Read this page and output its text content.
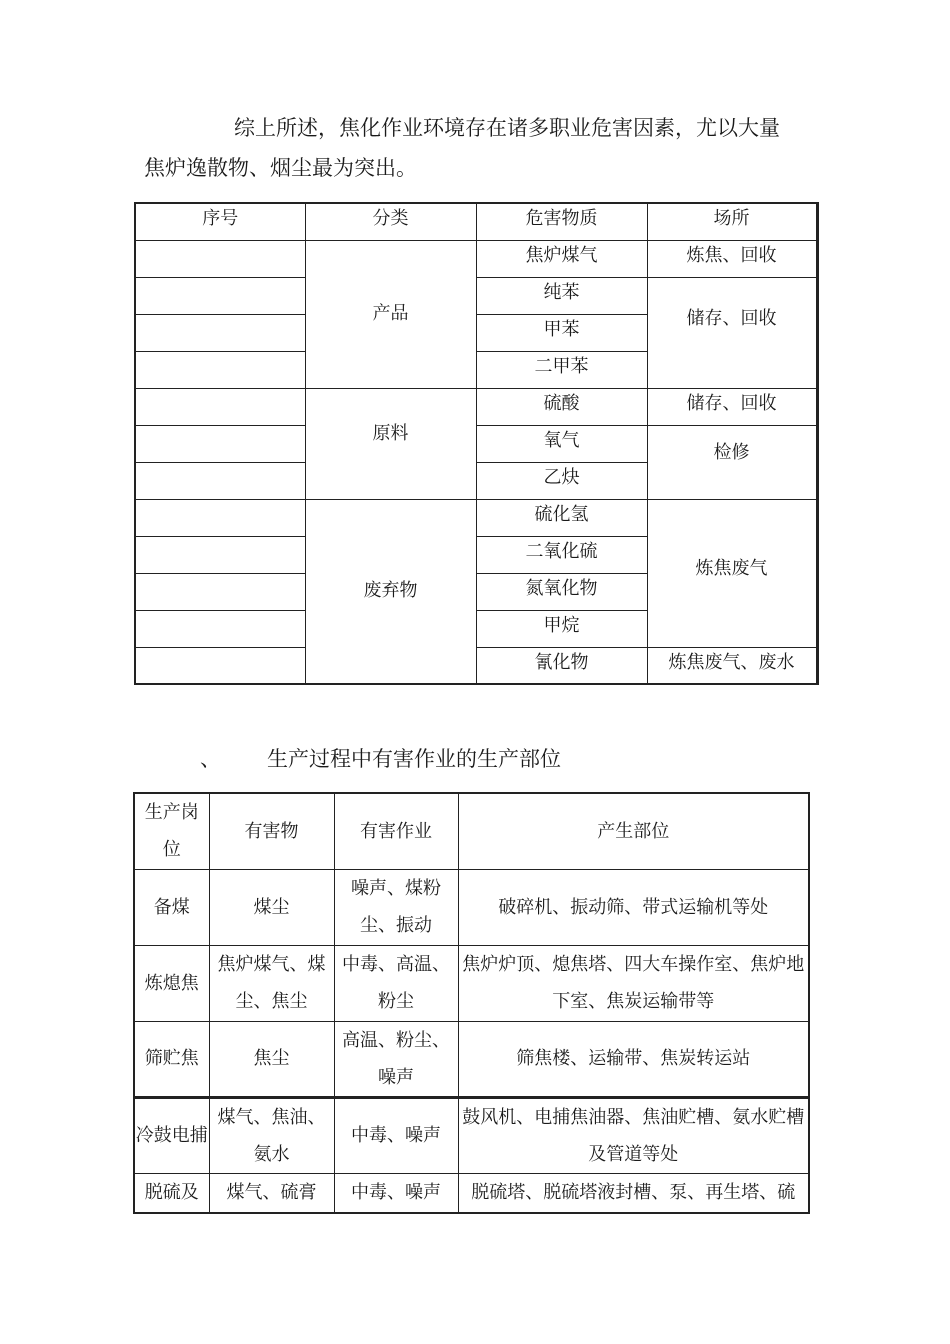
综上所述，焦化作业环境存在诸多职业危害因素，尤以大量
焦炉逸散物、烟尘最为突出。

序号	分类	危害物质	场所
	产品	焦炉煤气	炼焦、回收
		纯苯	储存、回收
		甲苯	
		二甲苯	
	原料	硫酸	储存、回收
		氧气	检修
		乙炔	
	废弃物	硫化氢	炼焦废气
		二氧化硫	
		氮氧化物	
		甲烷	
		氰化物	炼焦废气、废水

、 生产过程中有害作业的生产部位

生产岗位	有害物	有害作业	产生部位
备煤	煤尘	噪声、煤粉尘、振动	破碎机、振动筛、带式运输机等处
炼熄焦	焦炉煤气、煤尘、焦尘	中毒、高温、粉尘	焦炉炉顶、熄焦塔、四大车操作室、焦炉地下室、焦炭运输带等
筛贮焦	焦尘	高温、粉尘、噪声	筛焦楼、运输带、焦炭转运站
冷鼓电捕	煤气、焦油、氨水	中毒、噪声	鼓风机、电捕焦油器、焦油贮槽、氨水贮槽及管道等处
脱硫及	煤气、硫膏	中毒、噪声	脱硫塔、脱硫塔液封槽、泵、再生塔、硫
